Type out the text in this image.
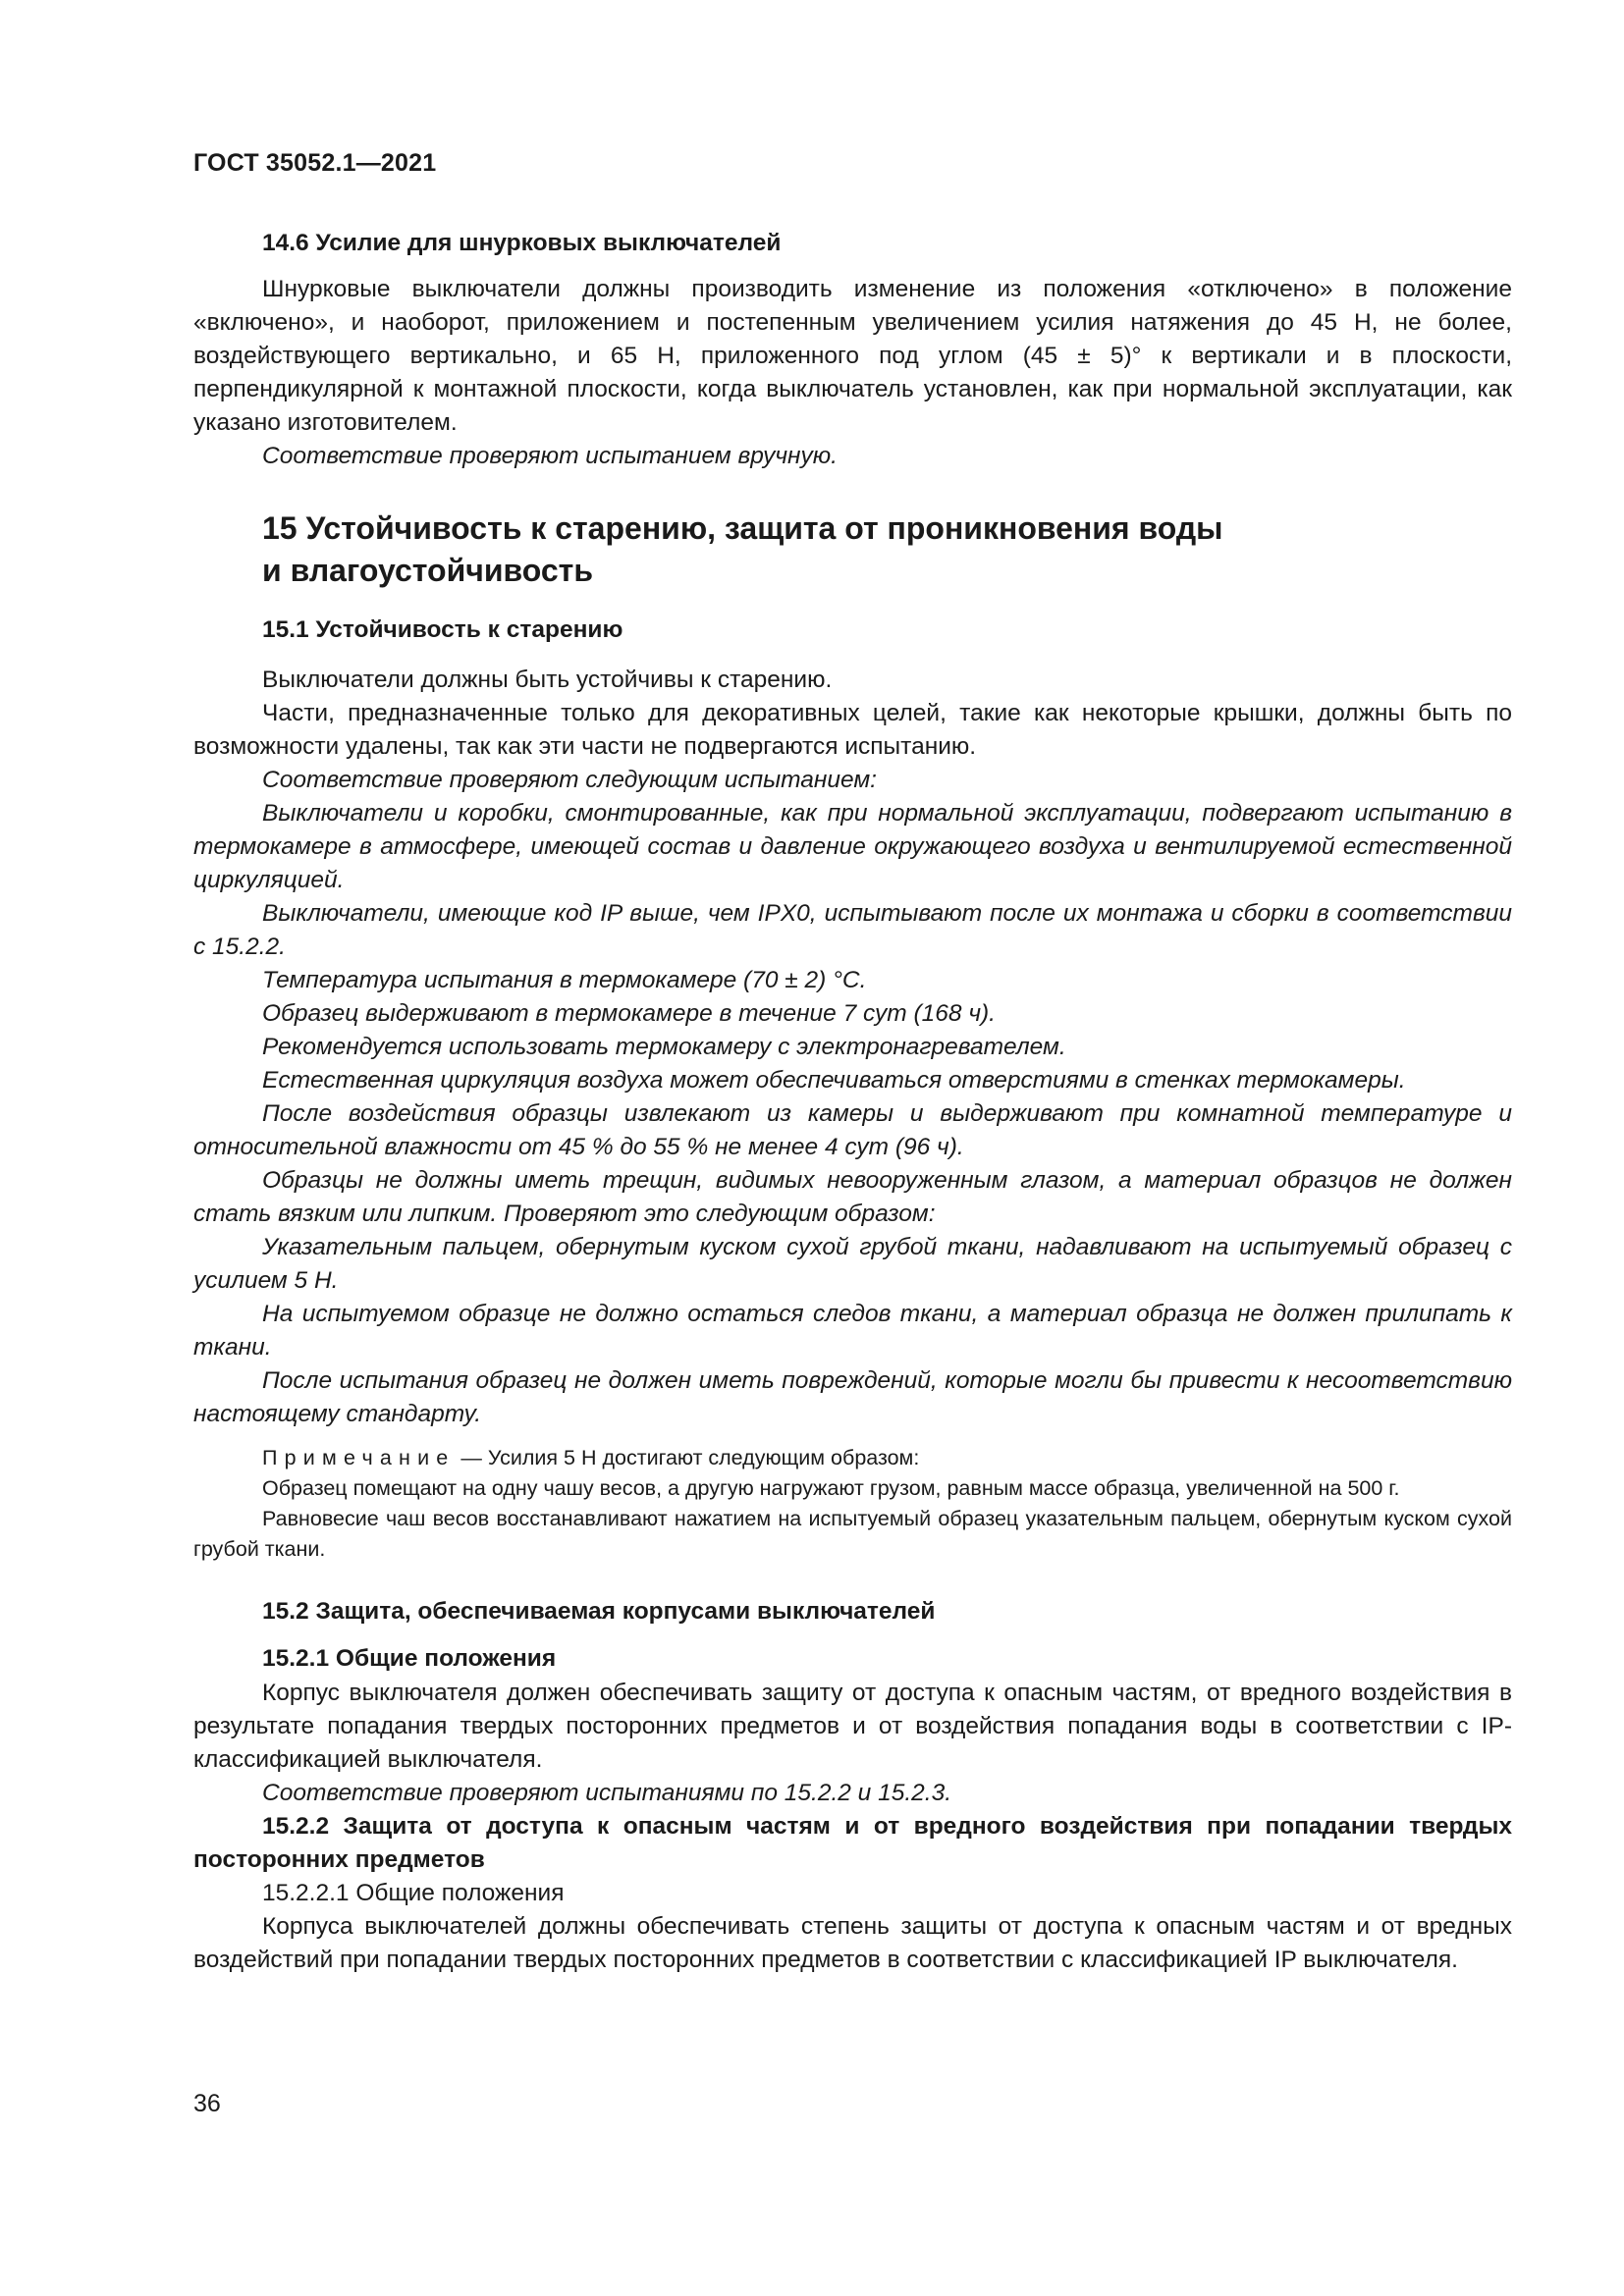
ГОСТ 35052.1—2021
14.6 Усилие для шнурковых выключателей

Шнурковые выключатели должны производить изменение из положения «отключено» в положение «включено», и наоборот, приложением и постепенным увеличением усилия натяжения до 45 Н, не более, воздействующего вертикально, и 65 Н, приложенного под углом (45 ± 5)° к вертикали и в плоскости, перпендикулярной к монтажной плоскости, когда выключатель установлен, как при нормальной эксплуатации, как указано изготовителем.

Соответствие проверяют испытанием вручную.

15 Устойчивость к старению, защита от проникновения воды
и влагоустойчивость
15.1 Устойчивость к старению

Выключатели должны быть устойчивы к старению.

Части, предназначенные только для декоративных целей, такие как некоторые крышки, должны быть по возможности удалены, так как эти части не подвергаются испытанию.

Соответствие проверяют следующим испытанием:

Выключатели и коробки, смонтированные, как при нормальной эксплуатации, подвергают испытанию в термокамере в атмосфере, имеющей состав и давление окружающего воздуха и вентилируемой естественной циркуляцией.

Выключатели, имеющие код IP выше, чем IPX0, испытывают после их монтажа и сборки в соответствии с 15.2.2.

Температура испытания в термокамере (70 ± 2) °С.

Образец выдерживают в термокамере в течение 7 сут (168 ч).

Рекомендуется использовать термокамеру с электронагревателем.

Естественная циркуляция воздуха может обеспечиваться отверстиями в стенках термокамеры.

После воздействия образцы извлекают из камеры и выдерживают при комнатной температуре и относительной влажности от 45 % до 55 % не менее 4 сут (96 ч).

Образцы не должны иметь трещин, видимых невооруженным глазом, а материал образцов не должен стать вязким или липким. Проверяют это следующим образом:

Указательным пальцем, обернутым куском сухой грубой ткани, надавливают на испытуемый образец с усилием 5 Н.

На испытуемом образце не должно остаться следов ткани, а материал образца не должен прилипать к ткани.

После испытания образец не должен иметь повреждений, которые могли бы привести к несоответствию настоящему стандарту.

Примечание — Усилия 5 Н достигают следующим образом:

Образец помещают на одну чашу весов, а другую нагружают грузом, равным массе образца, увеличенной на 500 г.

Равновесие чаш весов восстанавливают нажатием на испытуемый образец указательным пальцем, обернутым куском сухой грубой ткани.

15.2 Защита, обеспечиваемая корпусами выключателей
15.2.1 Общие положения

Корпус выключателя должен обеспечивать защиту от доступа к опасным частям, от вредного воздействия в результате попадания твердых посторонних предметов и от воздействия попадания воды в соответствии с IP-классификацией выключателя.

Соответствие проверяют испытаниями по 15.2.2 и 15.2.3.

15.2.2 Защита от доступа к опасным частям и от вредного воздействия при попадании твердых посторонних предметов

15.2.2.1 Общие положения

Корпуса выключателей должны обеспечивать степень защиты от доступа к опасным частям и от вредных воздействий при попадании твердых посторонних предметов в соответствии с классификацией IP выключателя.

36
